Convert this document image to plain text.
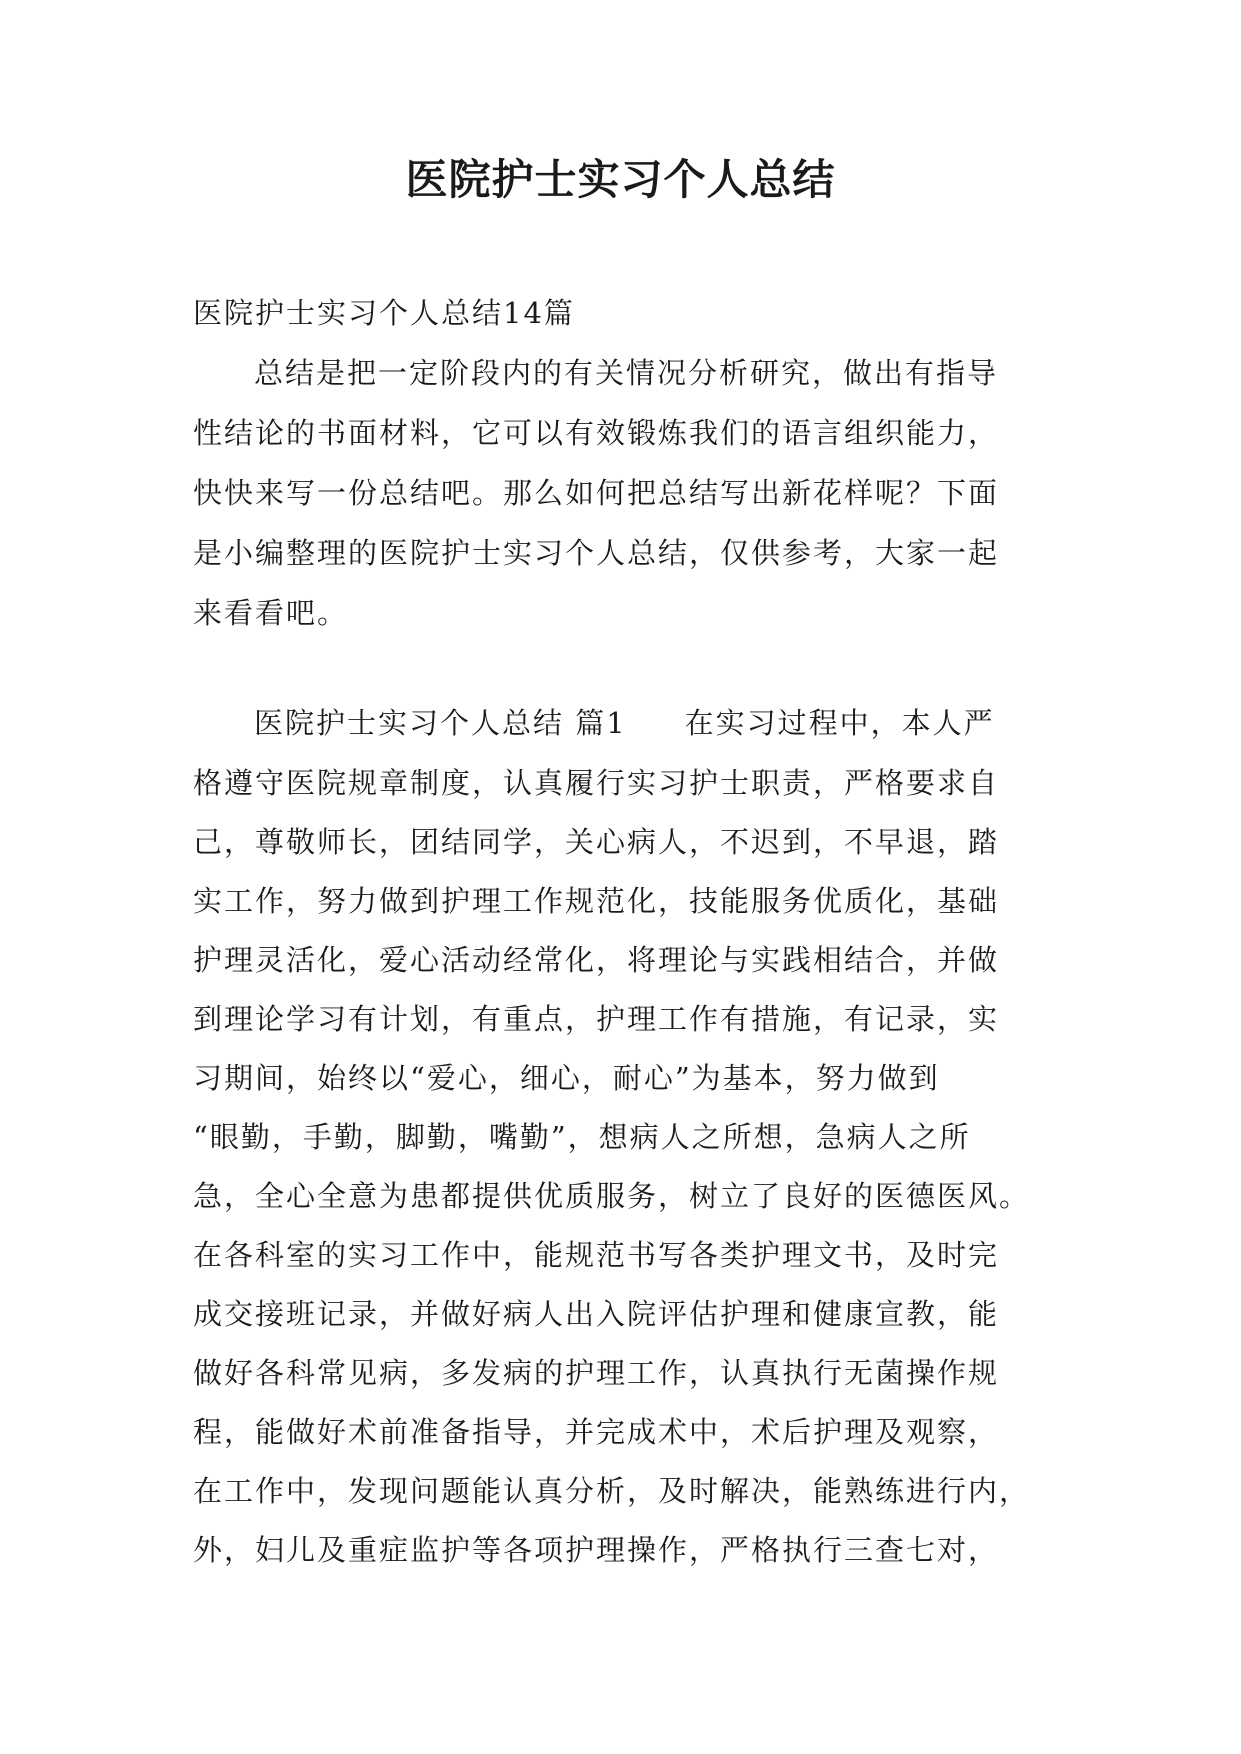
医院护士实习个人总结

医院护士实习个人总结14篇

总结是把一定阶段内的有关情况分析研究，做出有指导

性结论的书面材料，它可以有效锻炼我们的语言组织能力，

快快来写一份总结吧。那么如何把总结写出新花样呢？下面

是小编整理的医院护士实习个人总结，仅供参考，大家一起

来看看吧。

医院护士实习个人总结 篇1 在实习过程中，本人严

格遵守医院规章制度，认真履行实习护士职责，严格要求自

己，尊敬师长，团结同学，关心病人，不迟到，不早退，踏

实工作，努力做到护理工作规范化，技能服务优质化，基础

护理灵活化，爱心活动经常化，将理论与实践相结合，并做

到理论学习有计划，有重点，护理工作有措施，有记录，实

习期间，始终以“爱心，细心，耐心”为基本，努力做到

“眼勤，手勤，脚勤，嘴勤”，想病人之所想，急病人之所

急，全心全意为患都提供优质服务，树立了良好的医德医风。

在各科室的实习工作中，能规范书写各类护理文书，及时完

成交接班记录，并做好病人出入院评估护理和健康宣教，能

做好各科常见病，多发病的护理工作，认真执行无菌操作规

程，能做好术前准备指导，并完成术中，术后护理及观察，

在工作中，发现问题能认真分析，及时解决，能熟练进行内，

外，妇儿及重症监护等各项护理操作，严格执行三查七对，
